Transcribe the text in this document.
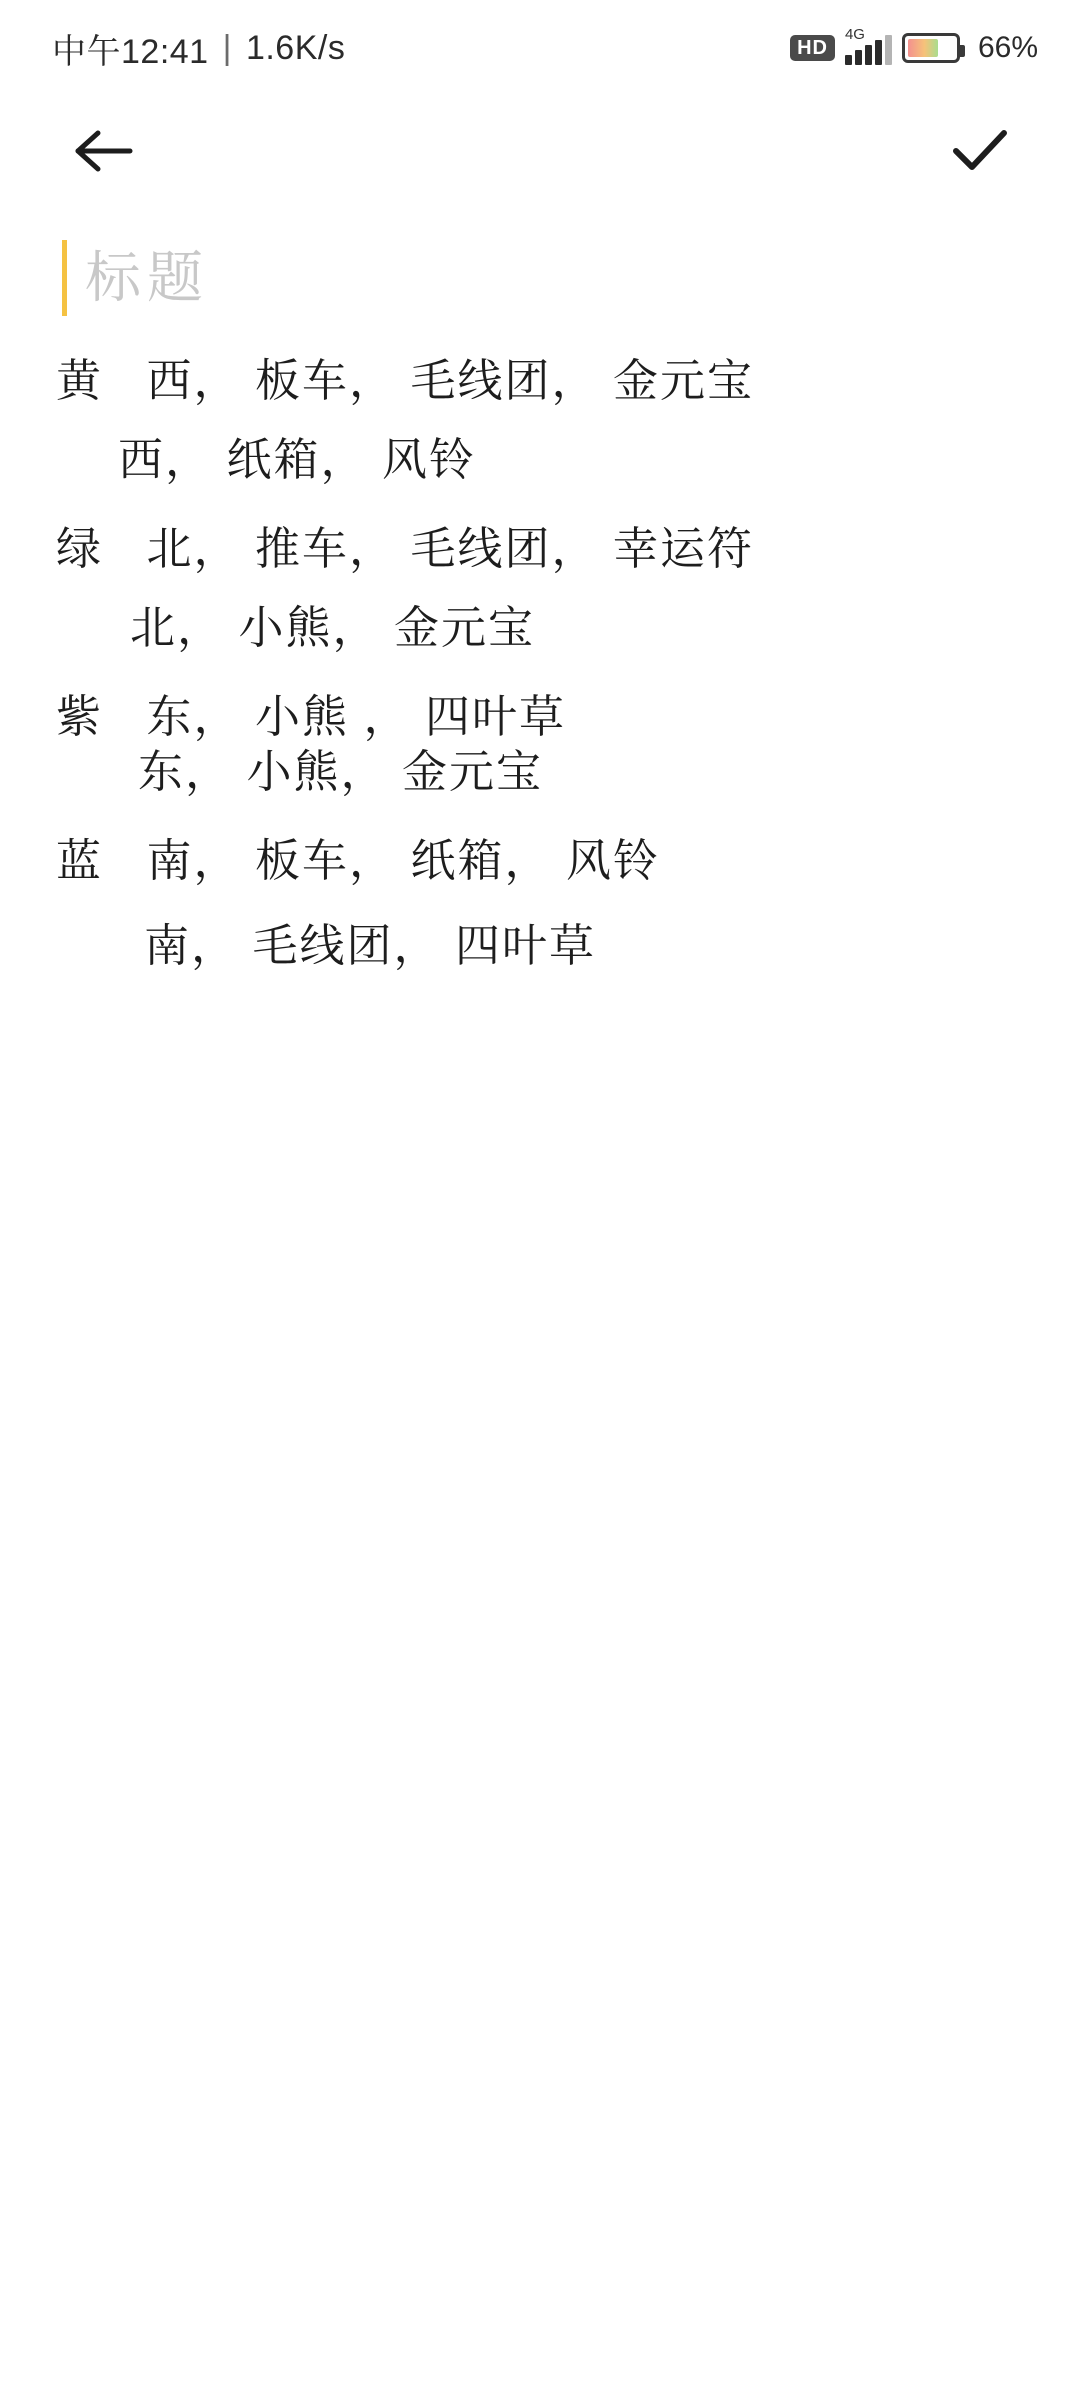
中午12:41 | 1.6K/s	HD
4G	66%
标题
黄   西， 板车， 毛线团， 金元宝
西， 纸箱， 风铃
绿   北， 推车， 毛线团， 幸运符
北， 小熊， 金元宝
紫   东， 小熊 ， 四叶草
东， 小熊， 金元宝
蓝   南， 板车， 纸箱， 风铃
南， 毛线团， 四叶草
